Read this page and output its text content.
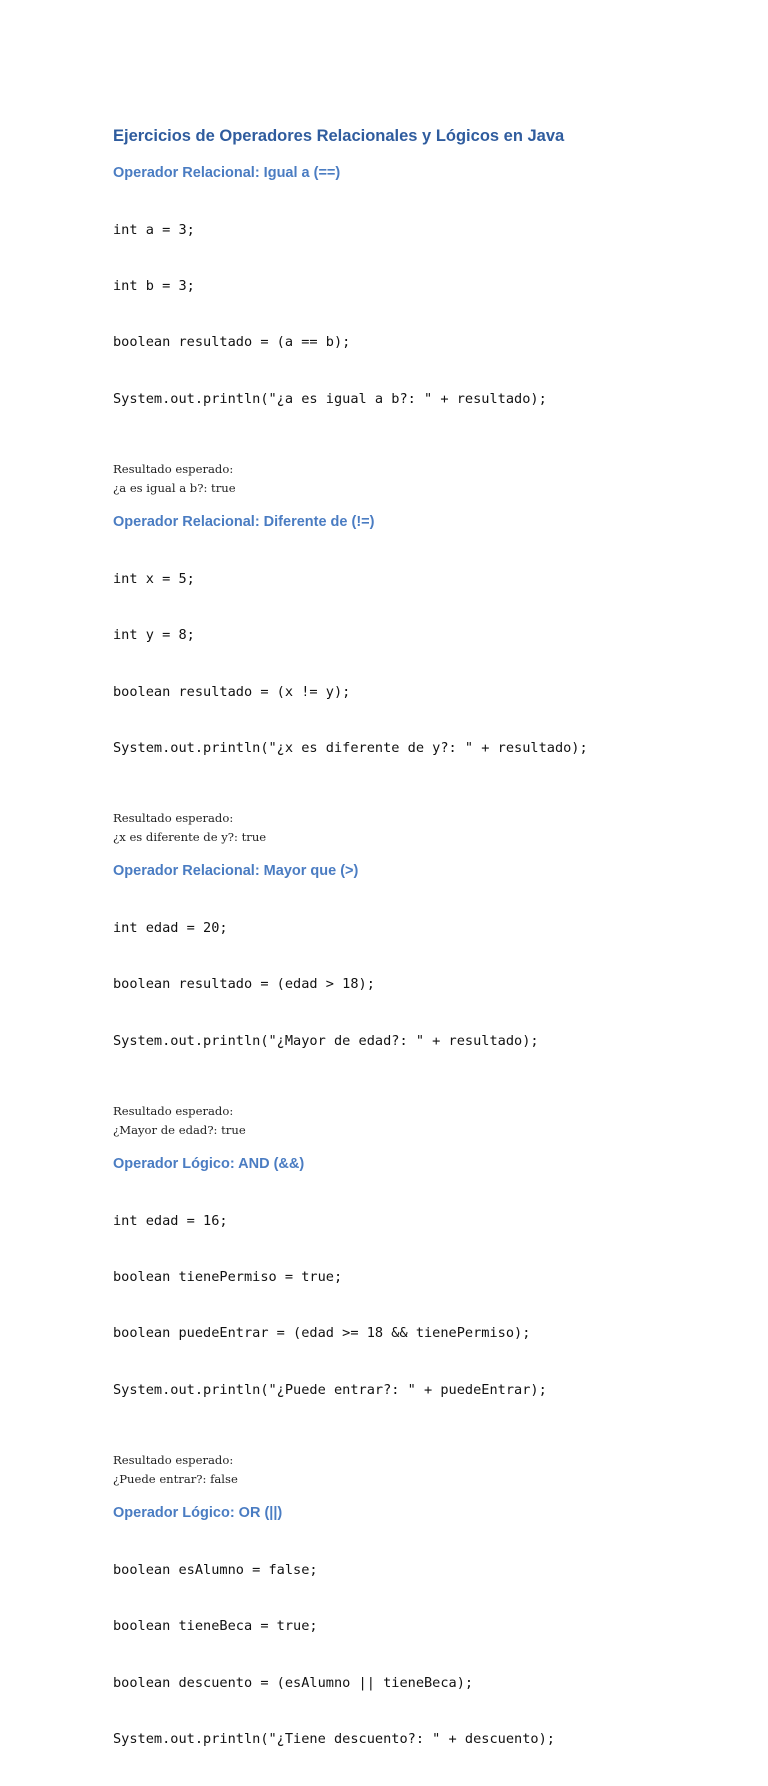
Ejercicios de Operadores Relacionales y Lógicos en Java
Operador Relacional: Igual a (==)

int a = 3;

int b = 3;

boolean resultado = (a == b);

System.out.println("¿a es igual a b?: " + resultado);

Resultado esperado:
¿a es igual a b?: true
Operador Relacional: Diferente de (!=)

int x = 5;

int y = 8;

boolean resultado = (x != y);

System.out.println("¿x es diferente de y?: " + resultado);

Resultado esperado:
¿x es diferente de y?: true
Operador Relacional: Mayor que (>)

int edad = 20;

boolean resultado = (edad > 18);

System.out.println("¿Mayor de edad?: " + resultado);

Resultado esperado:
¿Mayor de edad?: true
Operador Lógico: AND (&&)

int edad = 16;

boolean tienePermiso = true;

boolean puedeEntrar = (edad >= 18 && tienePermiso);

System.out.println("¿Puede entrar?: " + puedeEntrar);

Resultado esperado:
¿Puede entrar?: false
Operador Lógico: OR (||)

boolean esAlumno = false;

boolean tieneBeca = true;

boolean descuento = (esAlumno || tieneBeca);

System.out.println("¿Tiene descuento?: " + descuento);
